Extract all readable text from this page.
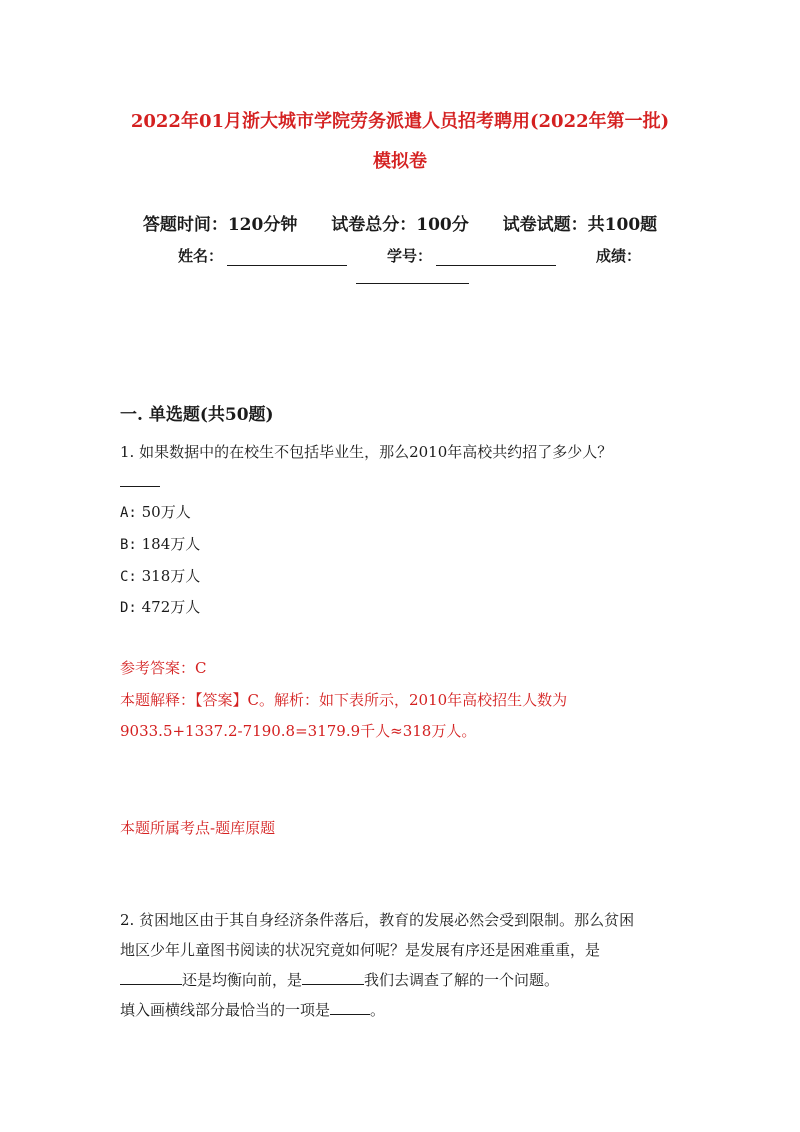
2022年01月浙大城市学院劳务派遣人员招考聘用(2022年第一批)
模拟卷
答题时间：120分钟 试卷总分：100分 试卷试题：共100题
姓名：	学号：	成绩：
一. 单选题(共50题)
1. 如果数据中的在校生不包括毕业生，那么2010年高校共约招了多少人？
A: 50万人
B: 184万人
C: 318万人
D: 472万人
参考答案：C
本题解释：【答案】C。解析：如下表所示，2010年高校招生人数为
9033.5+1337.2-7190.8=3179.9千人≈318万人。
本题所属考点-题库原题
2. 贫困地区由于其自身经济条件落后，教育的发展必然会受到限制。那么贫困
地区少年儿童图书阅读的状况究竟如何呢？是发展有序还是困难重重，是
还是均衡向前，是	我们去调查了解的一个问题。
填入画横线部分最恰当的一项是	。
